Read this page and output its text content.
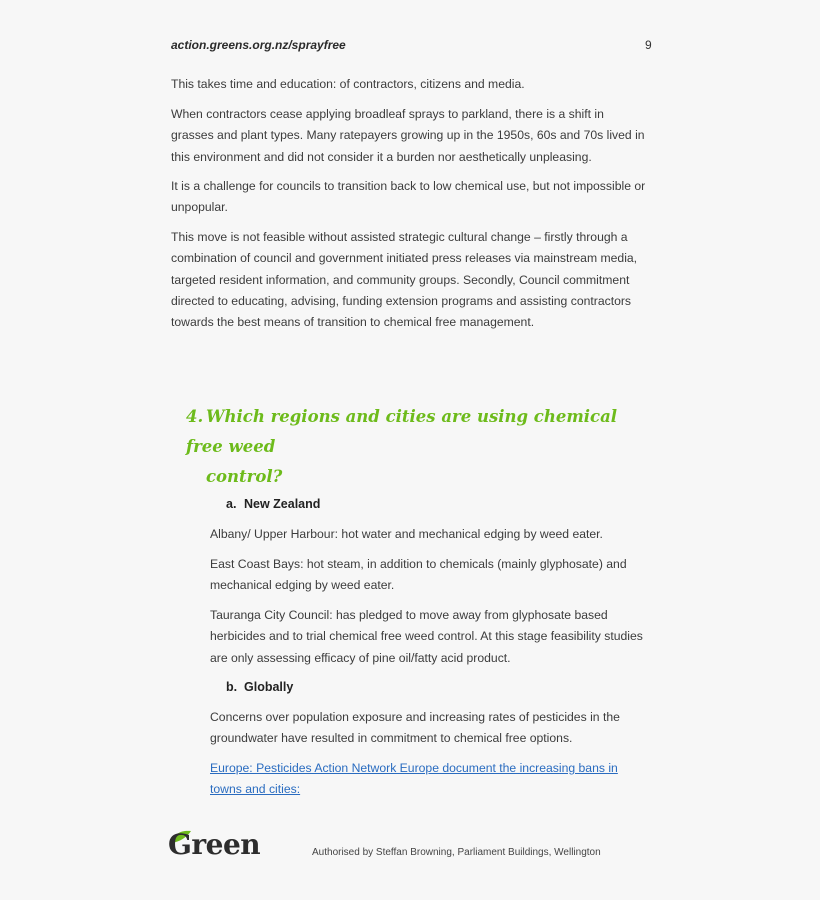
action.greens.org.nz/sprayfree	9

This takes time and education: of contractors, citizens and media.

When contractors cease applying broadleaf sprays to parkland, there is a shift in grasses and plant types. Many ratepayers growing up in the 1950s, 60s and 70s lived in this environment and did not consider it a burden nor aesthetically unpleasing.

It is a challenge for councils to transition back to low chemical use, but not impossible or unpopular.

This move is not feasible without assisted strategic cultural change – firstly through a combination of council and government initiated press releases via mainstream media, targeted resident information, and community groups. Secondly, Council commitment directed to educating, advising, funding extension programs and assisting contractors towards the best means of transition to chemical free management.

4. Which regions and cities are using chemical free weed
control?
a. New Zealand

Albany/ Upper Harbour: hot water and mechanical edging by weed eater.

East Coast Bays: hot steam, in addition to chemicals (mainly glyphosate) and mechanical edging by weed eater.

Tauranga City Council: has pledged to move away from glyphosate based herbicides and to trial chemical free weed control. At this stage feasibility studies are only assessing efficacy of pine oil/fatty acid product.

b. Globally

Concerns over population exposure and increasing rates of pesticides in the groundwater have resulted in commitment to chemical free options.

Europe: Pesticides Action Network Europe document the increasing bans in towns and cities:

Green	Authorised by Steffan Browning, Parliament Buildings, Wellington
